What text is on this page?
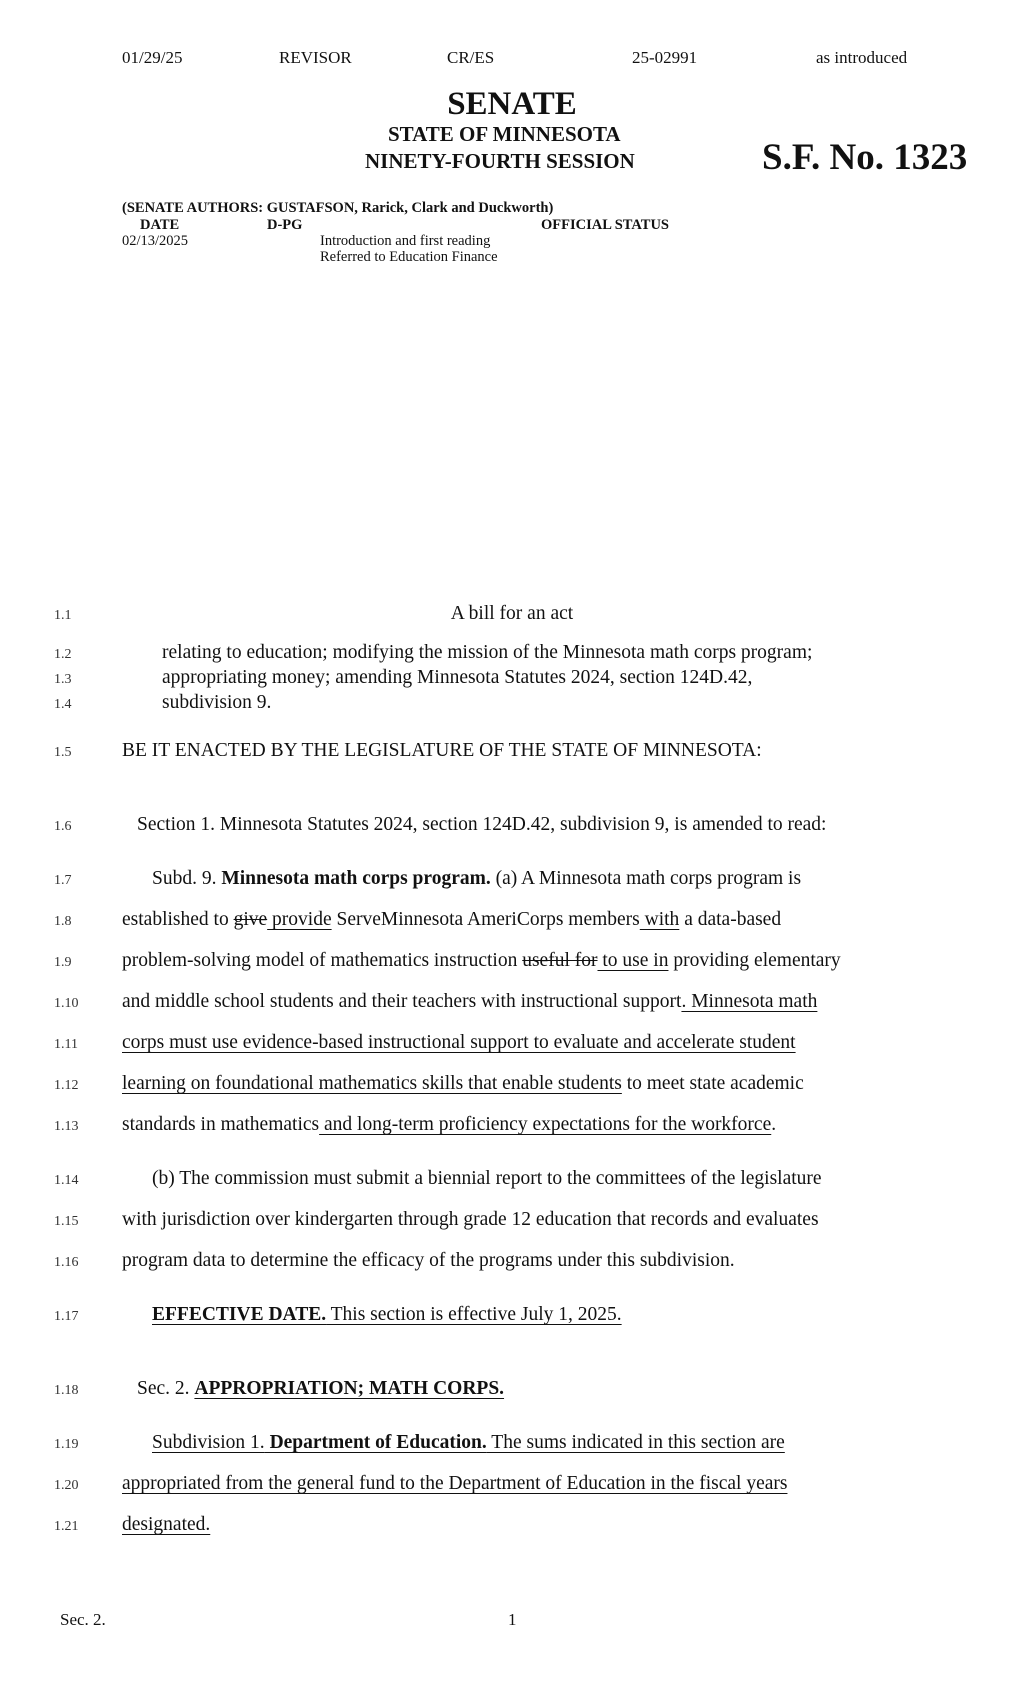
01/29/25	REVISOR	CR/ES	25-02991	as introduced
SENATE
STATE OF MINNESOTA
NINETY-FOURTH SESSION	S.F. No. 1323
(SENATE AUTHORS: GUSTAFSON, Rarick, Clark and Duckworth)
DATE	D-PG	OFFICIAL STATUS
02/13/2025	Introduction and first reading
Referred to Education Finance
1.1
1.2
1.3
1.4
1.5
1.6
1.7
1.8
1.9
1.10
1.11
1.12
1.13
1.14
1.15
1.16
1.17
1.18
1.19
1.20
1.21
A bill for an act
relating to education; modifying the mission of the Minnesota math corps program;
appropriating money; amending Minnesota Statutes 2024, section 124D.42,
subdivision 9.
BE IT ENACTED BY THE LEGISLATURE OF THE STATE OF MINNESOTA:
Section 1. Minnesota Statutes 2024, section 124D.42, subdivision 9, is amended to read:
Subd. 9. Minnesota math corps program. (a) A Minnesota math corps program is
established to give provide ServeMinnesota AmeriCorps members with a data-based
problem-solving model of mathematics instruction useful for to use in providing elementary
and middle school students and their teachers with instructional support. Minnesota math
corps must use evidence-based instructional support to evaluate and accelerate student
learning on foundational mathematics skills that enable students to meet state academic
standards in mathematics and long-term proficiency expectations for the workforce.
(b) The commission must submit a biennial report to the committees of the legislature
with jurisdiction over kindergarten through grade 12 education that records and evaluates
program data to determine the efficacy of the programs under this subdivision.
EFFECTIVE DATE. This section is effective July 1, 2025.
Sec. 2. APPROPRIATION; MATH CORPS.
Subdivision 1. Department of Education. The sums indicated in this section are
appropriated from the general fund to the Department of Education in the fiscal years
designated.
Sec. 2.	1
